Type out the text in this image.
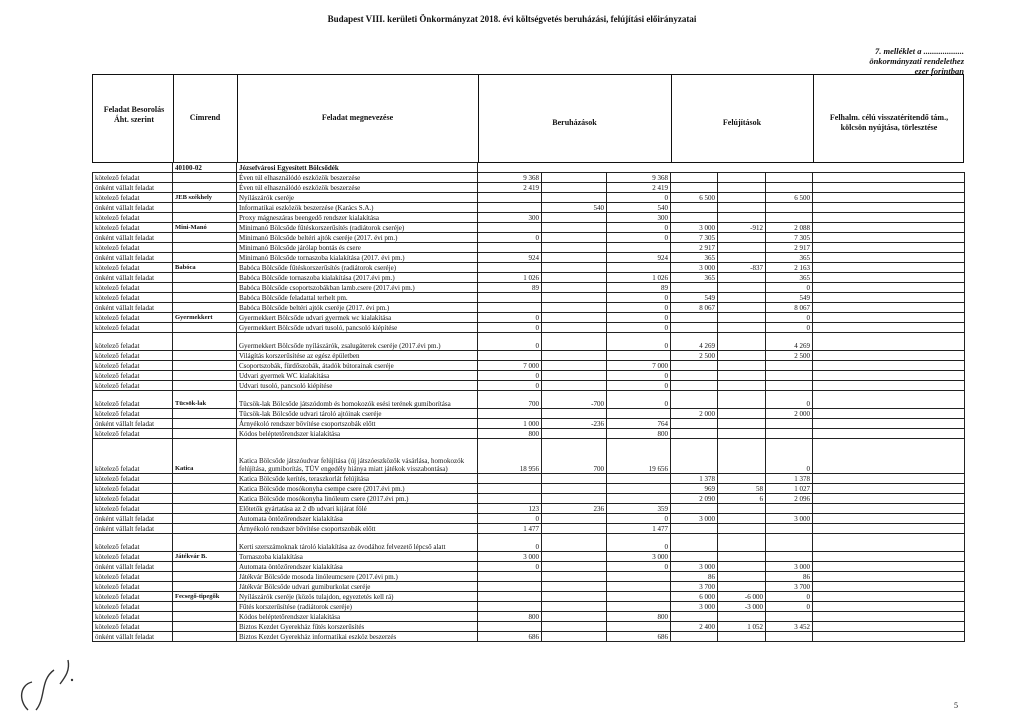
Budapest VIII. kerületi Önkormányzat 2018. évi költségvetés beruházási, felújítási előirányzatai
7. melléklet a ...................
önkormányzati rendelethez
ezer forintban
Feladat Besorolás
Áht. szerint	Címrend	Feladat megnevezése
Beruházások	Felújítások
Felhalm. célú visszatérítendő tám.,
kölcsön nyújtása, törlesztése
	40100-02	Józsefvárosi Egyesített Bölcsődék							
kötelező feladat		Éven túl elhasználódó eszközök beszerzése	9 368		9 368				
önként vállalt feladat		Éven túl elhasználódó eszközök beszerzése	2 419		2 419				
kötelező feladat	JEB székhely	Nyílászárók cseréje			0	6 500		6 500	
önként vállalt feladat		Informatikai eszközök beszerzése (Karács S.A.)		540	540				
kötelező feladat		Proxy mágneszáras beengedő rendszer kialakítása	300		300				
kötelező feladat	Mini-Manó	Minimanó Bölcsőde fűtéskorszerűsítés (radiátorok cseréje)			0	3 000	-912	2 088	
önként vállalt feladat		Minimanó Bölcsőde beltéri ajtók cseréje (2017. évi pm.)	0		0	7 305		7 305	
kötelező feladat		Minimanó Bölcsőde járólap bontás és csere				2 917		2 917	
önként vállalt feladat		Minimanó Bölcsőde tornaszoba kialakítása (2017. évi pm.)	924		924	365		365	
kötelező feladat	Babóca	Babóca Bölcsőde fűtéskorszerűsítés (radiátorok cseréje)				3 000	-837	2 163	
önként vállalt feladat		Babóca Bölcsőde tornaszoba kialakítása (2017.évi pm.)	1 026		1 026	365		365	
kötelező feladat		Babóca Bölcsőde csoportszobákban lamb.csere (2017.évi pm.)	89		89			0	
kötelező feladat		Babóca Bölcsőde feladattal terhelt pm.			0	549		549	
önként vállalt feladat		Babóca Bölcsőde beltéri ajtók cseréje (2017. évi pm.)			0	8 067		8 067	
kötelező feladat	Gyermekkert	Gyermekkert Bölcsőde udvari gyermek wc kialakítása	0		0			0	
kötelező feladat		Gyermekkert Bölcsőde udvari tusoló, pancsoló kiépítése	0		0			0	
kötelező feladat		Gyermekkert Bölcsőde nyílászárók, zsalugáterek cseréje (2017.évi pm.)	0		0	4 269		4 269	
kötelező feladat		Világítás korszerűsítése az egész épületben				2 500		2 500	
kötelező feladat		Csoportszobák, fürdőszobák, átadók bútorainak cseréje	7 000		7 000				
kötelező feladat		Udvari gyermek WC kialakítása	0		0				
kötelező feladat		Udvari tusoló, pancsoló kiépítése	0		0				
kötelező feladat	Tücsök-lak	Tücsök-lak Bölcsőde játszódomb és homokozók esési terének gumiborítása	700	-700	0			0	
kötelező feladat		Tücsök-lak Bölcsőde udvari tároló ajtóinak cseréje				2 000		2 000	
önként vállalt feladat		Árnyékoló rendszer bővítése csoportszobák előtt	1 000	-236	764				
kötelező feladat		Kódos beléptetőrendszer kialakítása	800		800				
kötelező feladat	Katica	Katica Bölcsőde játszóudvar felújítása (új játszóeszközök vásárlása, homokozók felújítása, gumiborítás, TÜV engedély hiánya miatt játékok visszabontása)	18 956	700	19 656			0	
kötelező feladat		Katica Bölcsőde kerítés, teraszkorlát felújítása				1 378		1 378	
kötelező feladat		Katica Bölcsőde mosókonyha csempe csere (2017.évi pm.)				969	58	1 027	
kötelező feladat		Katica Bölcsőde mosókonyha linóleum csere (2017.évi pm.)				2 090	6	2 096	
kötelező feladat		Előtetők gyártatása az 2 db udvari kijárat fölé	123	236	359				
önként vállalt feladat		Automata öntözőrendszer kialakítása	0		0	3 000		3 000	
önként vállalt feladat		Árnyékoló rendszer bővítése csoportszobák előtt	1 477		1 477				
kötelező feladat		Kerti szerszámoknak tároló kialakítása az óvodához felvezető lépcső alatt	0		0				
kötelező feladat	Játékvár B.	Tornaszoba kialakítása	3 000		3 000				
önként vállalt feladat		Automata öntözőrendszer kialakítása	0		0	3 000		3 000	
kötelező feladat		Játékvár Bölcsőde mosoda linóleumcsere (2017.évi pm.)				86		86	
kötelező feladat		Játékvár Bölcsőde udvari gumiburkolat cseréje				3 700		3 700	
kötelező feladat	Fecsegő-tipegők	Nyílászárók cseréje (közös tulajdon, egyeztetés kell rá)				6 000	-6 000	0	
kötelező feladat		Fűtés korszerűsítése (radiátorok cseréje)				3 000	-3 000	0	
kötelező feladat		Kódos beléptetőrendszer kialakítása	800		800				
kötelező feladat		Biztos Kezdet Gyerekház fűtés korszerűsítés				2 400	1 052	3 452	
önként vállalt feladat		Biztos Kezdet Gyerekház informatikai eszköz beszerzés	686		686				
5
